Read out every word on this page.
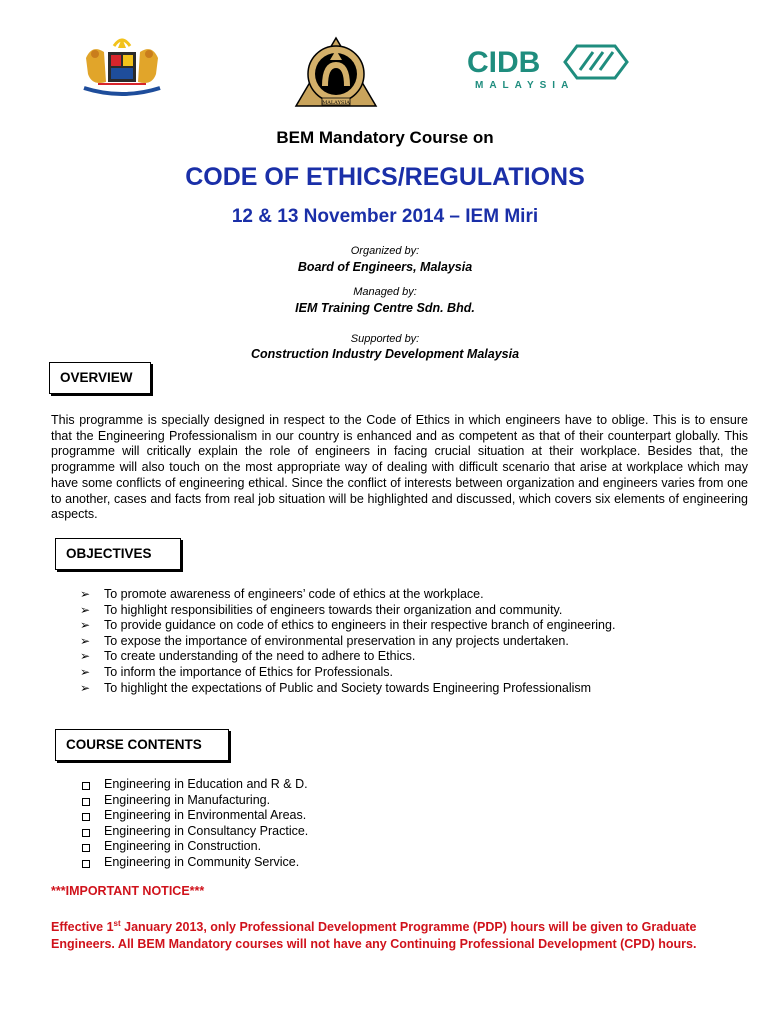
MALAYSIA
CIDB
MALAYSIA
BEM Mandatory Course on
CODE OF ETHICS/REGULATIONS
12 & 13 November 2014 – IEM Miri
Organized by:
Board of Engineers, Malaysia
Managed by:
IEM Training Centre Sdn. Bhd.
Supported by:
Construction Industry Development Malaysia
OVERVIEW
This programme is specially designed in respect to the Code of Ethics in which engineers have to oblige. This is to ensure that the Engineering Professionalism in our country is enhanced and as competent as that of their counterpart globally. This programme will critically explain the role of engineers in facing crucial situation at their workplace. Besides that, the programme will also touch on the most appropriate way of dealing with difficult scenario that arise at workplace which may have some conflicts of engineering ethical. Since the conflict of interests between organization and engineers varies from one to another, cases and facts from real job situation will be highlighted and discussed, which covers six elements of engineering aspects.
OBJECTIVES
➢	To promote awareness of engineers’ code of ethics at the workplace.
➢	To highlight responsibilities of engineers towards their organization and community.
➢	To provide guidance on code of ethics to engineers in their respective branch of engineering.
➢	To expose the importance of environmental preservation in any projects undertaken.
➢	To create understanding of the need to adhere to Ethics.
➢	To inform the importance of Ethics for Professionals.
➢	To highlight the expectations of Public and Society towards Engineering Professionalism
COURSE CONTENTS
Engineering in Education and R & D.
Engineering in Manufacturing.
Engineering in Environmental Areas.
Engineering in Consultancy Practice.
Engineering in Construction.
Engineering in Community Service.
***IMPORTANT NOTICE***
Effective 1st January 2013, only Professional Development Programme (PDP) hours will be given to Graduate Engineers. All BEM Mandatory courses will not have any Continuing Professional Development (CPD) hours.
